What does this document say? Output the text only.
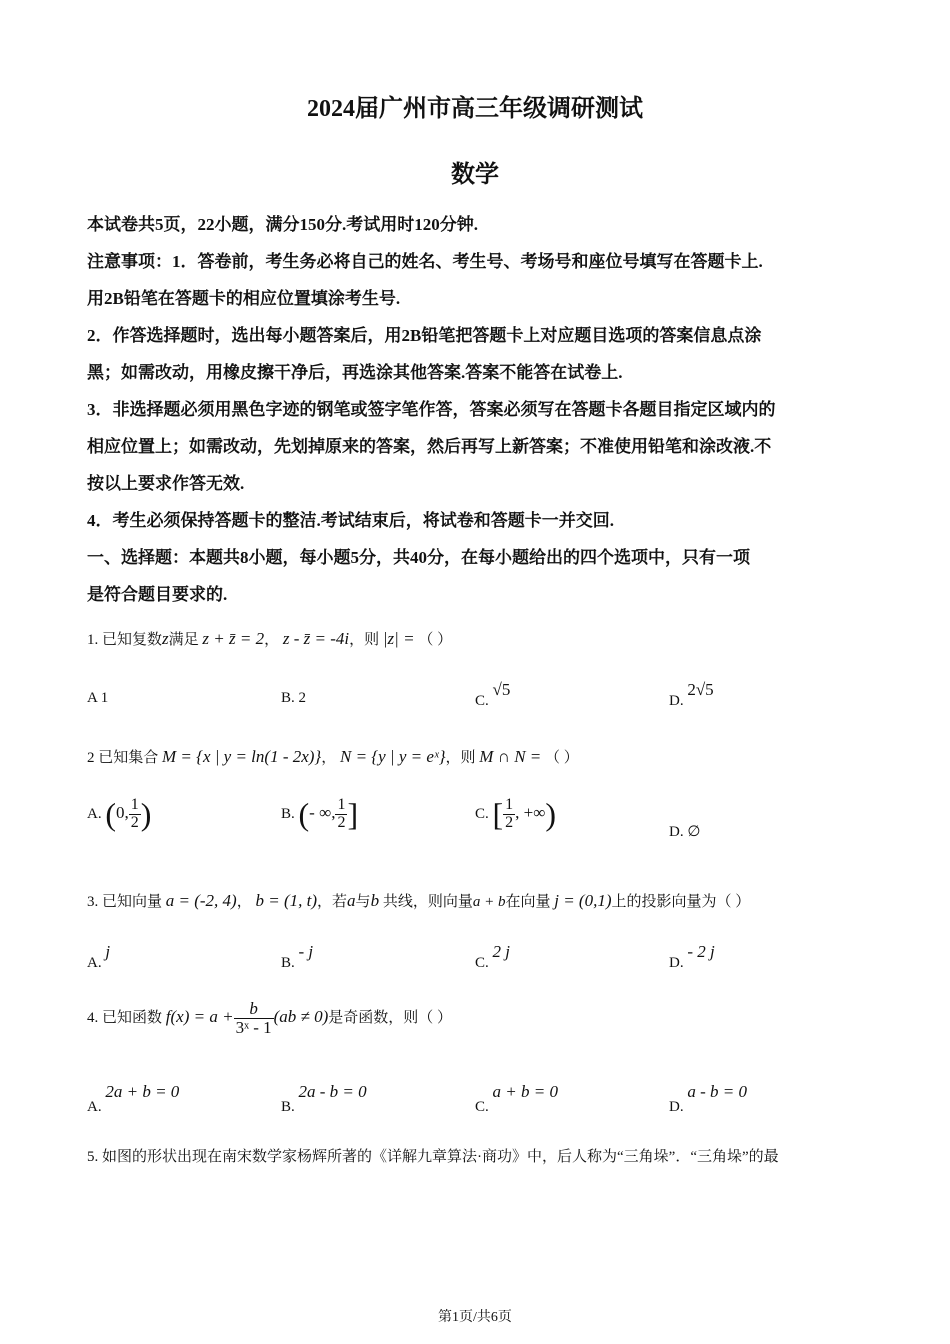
2024届广州市高三年级调研测试
数学
本试卷共5页，22小题，满分150分.考试用时120分钟.
注意事项：1．答卷前，考生务必将自己的姓名、考生号、考场号和座位号填写在答题卡上.
用2B铅笔在答题卡的相应位置填涂考生号.
2．作答选择题时，选出每小题答案后，用2B铅笔把答题卡上对应题目选项的答案信息点涂
黑；如需改动，用橡皮擦干净后，再选涂其他答案.答案不能答在试卷上.
3．非选择题必须用黑色字迹的钢笔或签字笔作答，答案必须写在答题卡各题目指定区域内的
相应位置上；如需改动，先划掉原来的答案，然后再写上新答案；不准使用铅笔和涂改液.不
按以上要求作答无效.
4．考生必须保持答题卡的整洁.考试结束后，将试卷和答题卡一并交回.
一、选择题：本题共8小题，每小题5分，共40分，在每小题给出的四个选项中，只有一项
是符合题目要求的.
1. 已知复数z满足 z + z̄ = 2， z - z̄ = -4i，则 |z| = （ ）
A 1	B. 2	C. √5
D. 2√5
2 已知集合 M = {x | y = ln(1 - 2x)}， N = {y | y = eˣ}，则 M ∩ N = （ ）
A. (0, $\frac{1}{2}$ )	B. (- ∞, $\frac{1}{2}$ ]	C. [ $\frac{1}{2}$ , +∞)	D. ∅
3. 已知向量 a = (-2, 4)， b = (1, t)，若a与b 共线，则向量a + b在向量 j = (0,1)上的投影向量为（ ）
A. j
B. - j
C. 2 j
D. - 2 j
4. 已知函数 $f(x) = a + \frac{b}{\text{3ˣ - 1}} (ab \ne 0)$是奇函数，则（ ）
A. 2a + b = 0
B. 2a - b = 0
C. a + b = 0
D. a - b = 0
5. 如图的形状出现在南宋数学家杨辉所著的《详解九章算法·商功》中，后人称为“三角垛”．“三角垛”的最
第1页/共6页
